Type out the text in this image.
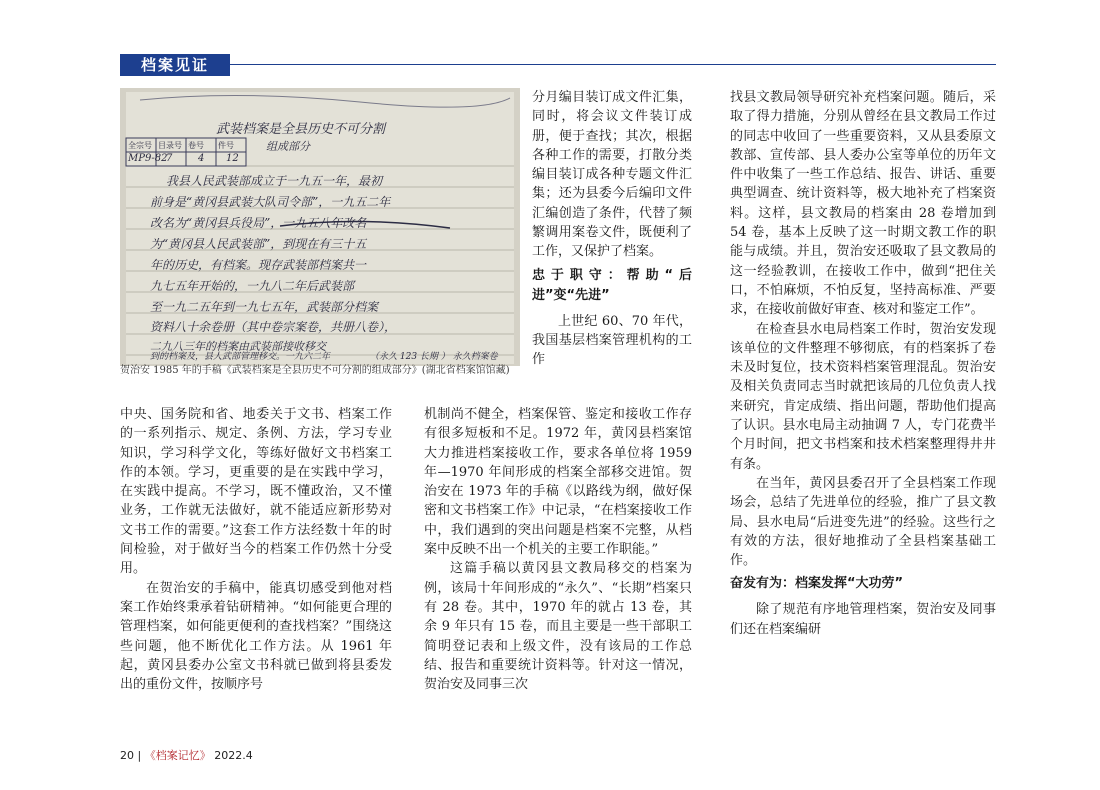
档案见证
武装档案是全县历史不可分割
组成部分
全宗号 目录号 卷号 件号
MP9-82
7	4 12
我县人民武装部成立于一九五一年，最初
前身是“黄冈县武装大队司令部”，一九五二年
改名为“黄冈县兵役局”，一九五八年改名
为“黄冈县人民武装部”，到现在有三十五
年的历史，有档案。现存武装部档案共一
九七五年开始的，一九八二年后武装部
至一九二五年到一九七五年，武装部分档案
资料八十余卷册（其中卷宗案卷，共册八卷），
二九八三年的档案由武装部接收移交
到的档案及，县人武部管理移交。一九六二年	（永久 123 长期 ） 永久档案卷
贺治安 1985 年的手稿《武装档案是全县历史不可分割的组成部分》(湖北省档案馆馆藏)

中央、国务院和省、地委关于文书、档案工作的一系列指示、规定、条例、方法，学习专业知识，学习科学文化，等练好做好文书档案工作的本领。学习，更重要的是在实践中学习，在实践中提高。不学习，既不懂政治，又不懂业务，工作就无法做好，就不能适应新形势对文书工作的需要。”这套工作方法经数十年的时间检验，对于做好当今的档案工作仍然十分受用。

在贺治安的手稿中，能真切感受到他对档案工作始终秉承着钻研精神。“如何能更合理的管理档案，如何能更便利的查找档案？”围绕这些问题，他不断优化工作方法。从 1961 年起，黄冈县委办公室文书科就已做到将县委发出的重份文件，按顺序号

分月编目装订成文件汇集，同时，将会议文件装订成册，便于查找；其次，根据各种工作的需要，打散分类编目装订成各种专题文件汇集；还为县委今后编印文件汇编创造了条件，代替了频繁调用案卷文件，既便利了工作，又保护了档案。

忠于职守：帮助“后进”变“先进”

上世纪 60、70 年代，我国基层档案管理机构的工作

机制尚不健全，档案保管、鉴定和接收工作存有很多短板和不足。1972 年，黄冈县档案馆大力推进档案接收工作，要求各单位将 1959 年—1970 年间形成的档案全部移交进馆。贺治安在 1973 年的手稿《以路线为纲，做好保密和文书档案工作》中记录，“在档案接收工作中，我们遇到的突出问题是档案不完整，从档案中反映不出一个机关的主要工作职能。”

这篇手稿以黄冈县文教局移交的档案为例，该局十年间形成的“永久”、“长期”档案只有 28 卷。其中，1970 年的就占 13 卷，其余 9 年只有 15 卷，而且主要是一些干部职工简明登记表和上级文件，没有该局的工作总结、报告和重要统计资料等。针对这一情况，贺治安及同事三次

找县文教局领导研究补充档案问题。随后，采取了得力措施，分别从曾经在县文教局工作过的同志中收回了一些重要资料，又从县委原文教部、宣传部、县人委办公室等单位的历年文件中收集了一些工作总结、报告、讲话、重要典型调查、统计资料等，极大地补充了档案资料。这样，县文教局的档案由 28 卷增加到 54 卷，基本上反映了这一时期文教工作的职能与成绩。并且，贺治安还吸取了县文教局的这一经验教训，在接收工作中，做到“把住关口，不怕麻烦，不怕反复，坚持高标准、严要求，在接收前做好审查、核对和鉴定工作”。

在检查县水电局档案工作时，贺治安发现该单位的文件整理不够彻底，有的档案拆了卷未及时复位，技术资料档案管理混乱。贺治安及相关负责同志当时就把该局的几位负责人找来研究，肯定成绩、指出问题，帮助他们提高了认识。县水电局主动抽调 7 人，专门花费半个月时间，把文书档案和技术档案整理得井井有条。

在当年，黄冈县委召开了全县档案工作现场会，总结了先进单位的经验，推广了县文教局、县水电局“后进变先进”的经验。这些行之有效的方法，很好地推动了全县档案基础工作。

奋发有为：档案发挥“大功劳”

除了规范有序地管理档案，贺治安及同事们还在档案编研

20 | 《档案记忆》 2022.4
